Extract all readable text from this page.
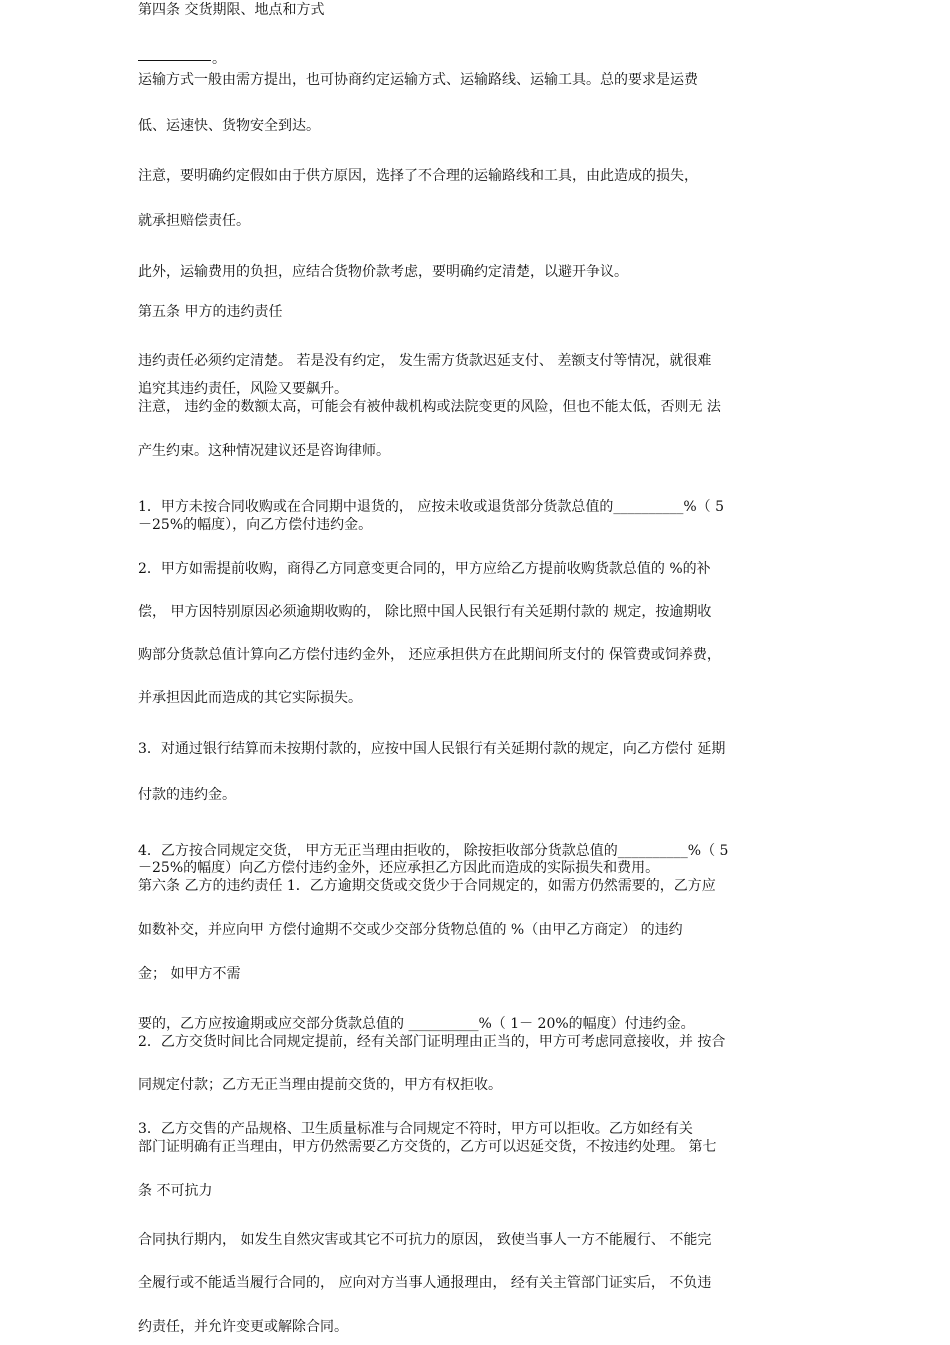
第四条 交货期限、地点和方式
。
运输方式一般由需方提出，也可协商约定运输方式、运输路线、运输工具。总的要求是运费
低、运速快、货物安全到达。
注意，要明确约定假如由于供方原因，选择了不合理的运输路线和工具，由此造成的损失，
就承担赔偿责任。
此外，运输费用的负担，应结合货物价款考虑，要明确约定清楚，以避开争议。
第五条 甲方的违约责任
违约责任必须约定清楚。 若是没有约定， 发生需方货款迟延支付、 差额支付等情况，就很难
追究其违约责任，风险又要飙升。
注意， 违约金的数额太高，可能会有被仲裁机构或法院变更的风险，但也不能太低，否则无 法
产生约束。这种情况建议还是咨询律师。
1．甲方未按合同收购或在合同期中退货的， 应按未收或退货部分货款总值的__________%（ 5
－25%的幅度），向乙方偿付违约金。
2．甲方如需提前收购，商得乙方同意变更合同的，甲方应给乙方提前收购货款总值的 %的补
偿， 甲方因特别原因必须逾期收购的， 除比照中国人民银行有关延期付款的 规定，按逾期收
购部分货款总值计算向乙方偿付违约金外， 还应承担供方在此期间所支付的 保管费或饲养费，
并承担因此而造成的其它实际损失。
3．对通过银行结算而未按期付款的，应按中国人民银行有关延期付款的规定，向乙方偿付 延期
付款的违约金。
4．乙方按合同规定交货， 甲方无正当理由拒收的， 除按拒收部分货款总值的__________%（ 5
－25%的幅度）向乙方偿付违约金外，还应承担乙方因此而造成的实际损失和费用。
第六条 乙方的违约责任 1．乙方逾期交货或交货少于合同规定的，如需方仍然需要的，乙方应
如数补交，并应向甲 方偿付逾期不交或少交部分货物总值的 %（由甲乙方商定） 的违约
金； 如甲方不需
要的，乙方应按逾期或应交部分货款总值的 __________%（ 1－ 20%的幅度）付违约金。
2．乙方交货时间比合同规定提前，经有关部门证明理由正当的，甲方可考虑同意接收，并 按合
同规定付款；乙方无正当理由提前交货的，甲方有权拒收。
3．乙方交售的产品规格、卫生质量标准与合同规定不符时，甲方可以拒收。乙方如经有关
部门证明确有正当理由，甲方仍然需要乙方交货的，乙方可以迟延交货，不按违约处理。 第七
条 不可抗力
合同执行期内， 如发生自然灾害或其它不可抗力的原因， 致使当事人一方不能履行、 不能完
全履行或不能适当履行合同的， 应向对方当事人通报理由， 经有关主管部门证实后， 不负违
约责任，并允许变更或解除合同。
